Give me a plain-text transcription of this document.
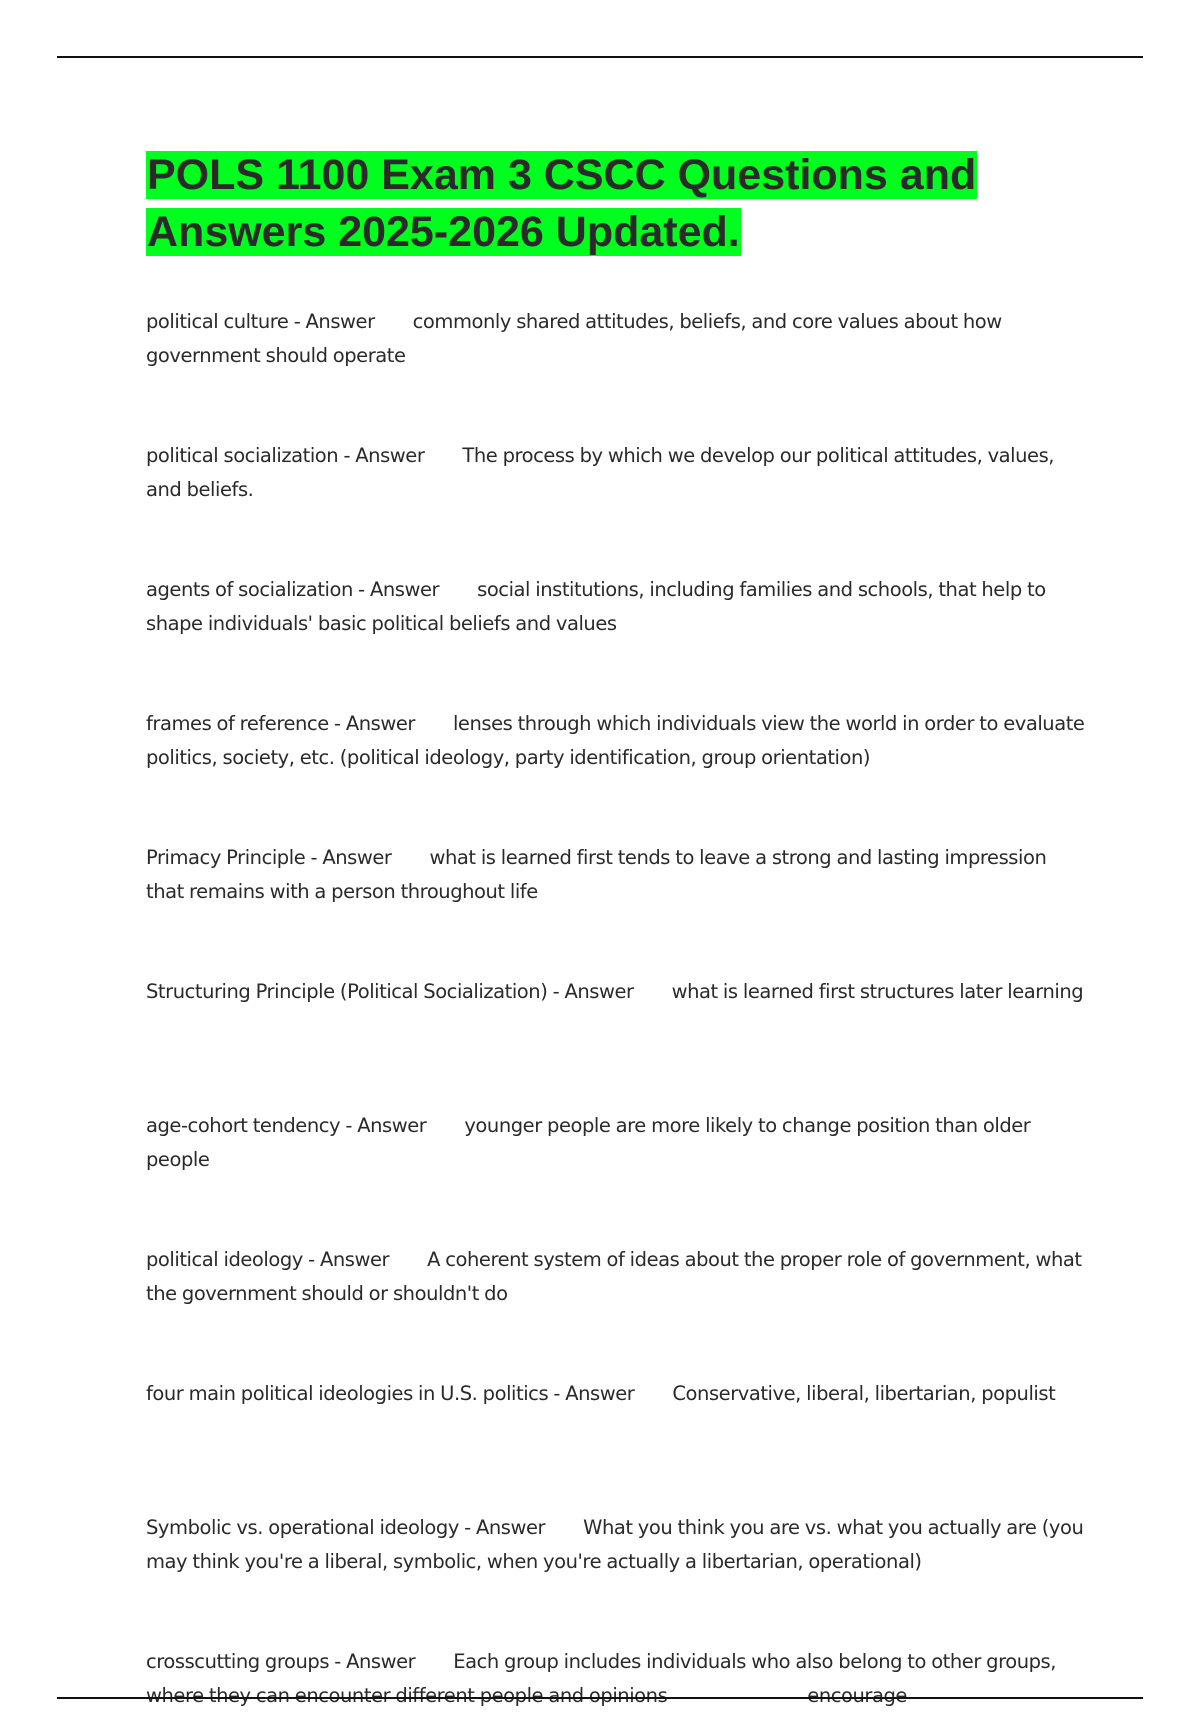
POLS 1100 Exam 3 CSCC Questions and Answers 2025-2026 Updated.
political culture - Answer commonly shared attitudes, beliefs, and core values about how government should operate
political socialization - Answer The process by which we develop our political attitudes, values, and beliefs.
agents of socialization - Answer social institutions, including families and schools, that help to shape individuals' basic political beliefs and values
frames of reference - Answer lenses through which individuals view the world in order to evaluate politics, society, etc. (political ideology, party identification, group orientation)
Primacy Principle - Answer what is learned first tends to leave a strong and lasting impression that remains with a person throughout life
Structuring Principle (Political Socialization) - Answer what is learned first structures later learning
age-cohort tendency - Answer younger people are more likely to change position than older people
political ideology - Answer A coherent system of ideas about the proper role of government, what the government should or shouldn't do
four main political ideologies in U.S. politics - Answer Conservative, liberal, libertarian, populist
Symbolic vs. operational ideology - Answer What you think you are vs. what you actually are (you may think you're a liberal, symbolic, when you're actually a libertarian, operational)
crosscutting groups - Answer Each group includes individuals who also belong to other groups, where they can encounter different people and opinions	encourage
